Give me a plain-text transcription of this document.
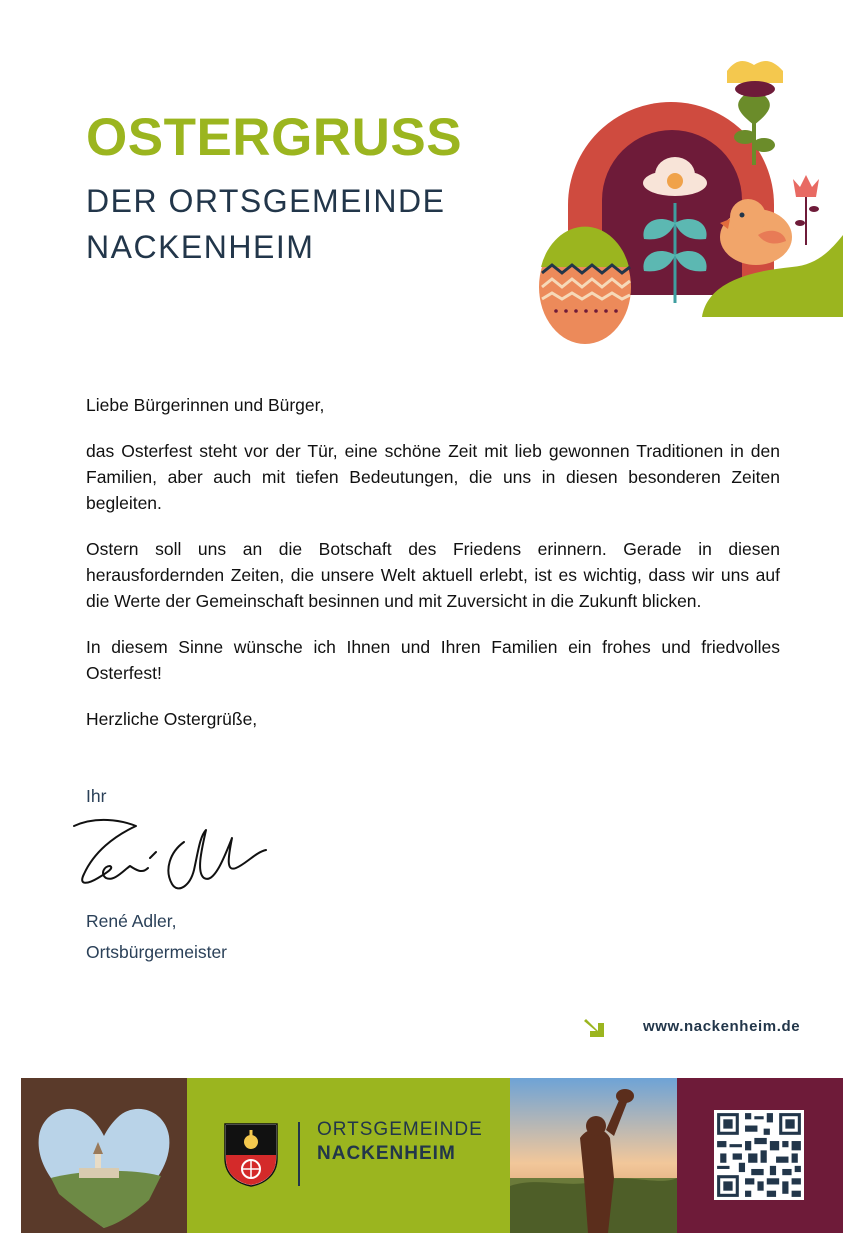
OSTERGRUSS
DER ORTSGEMEINDE
NACKENHEIM

Liebe Bürgerinnen und Bürger,

das Osterfest steht vor der Tür, eine schöne Zeit mit lieb gewonnen Traditionen in den Familien, aber auch mit tiefen Bedeutungen, die uns in diesen besonderen Zeiten begleiten.

Ostern soll uns an die Botschaft des Friedens erinnern. Gerade in diesen herausfordernden Zeiten, die unsere Welt aktuell erlebt, ist es wichtig, dass wir uns auf die Werte der Gemeinschaft besinnen und mit Zuversicht in die Zukunft blicken.

In diesem Sinne wünsche ich Ihnen und Ihren Familien ein frohes und friedvolles Osterfest!

Herzliche Ostergrüße,

Ihr
René Adler,
Ortsbürgermeister
www.nackenheim.de
ORTSGEMEINDE
NACKENHEIM
